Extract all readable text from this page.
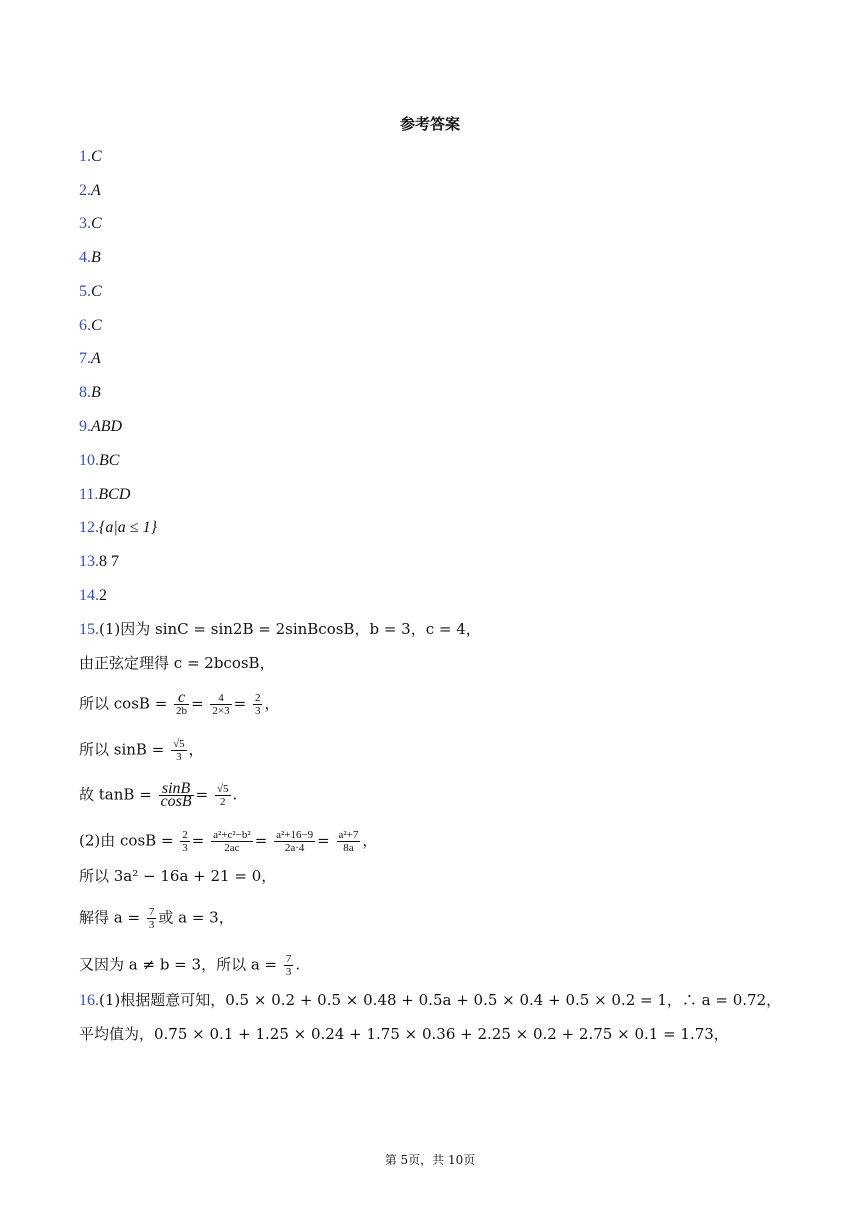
参考答案
1.C
2.A
3.C
4.B
5.C
6.C
7.A
8.B
9.ABD
10.BC
11.BCD
12.{a|a ≤ 1}
13.8 7
14.2
15.(1)因为 sinC = sin2B = 2sinBcosB，b = 3，c = 4，
由正弦定理得 c = 2bcosB，
所以 $\cos B = \frac{c}{2b} = \frac{4}{2\times 3} = \frac{2}{3}$ ，
所以 $\sin B = \frac{√5}{3}$ ，
故 $\tan B = \frac{\sin B}{\cos B} = \frac{√5}{2}$ .
(2)由 $\cos B = \frac{2}{3} = \frac{\text{a²+c²−b²}}{2ac} = \frac{\text{a²+16−9}}{2a\cdot 4} = \frac{\text{a²+7}}{8a}$ ，
所以 3a² − 16a + 21 = 0，
解得 $a = \frac{7}{3}$ 或 a = 3，
又因为 a ≠ b = 3，所以 $a = \frac{7}{3}$ .
16.(1)根据题意可知，0.5 × 0.2 + 0.5 × 0.48 + 0.5a + 0.5 × 0.4 + 0.5 × 0.2 = 1，∴ a = 0.72，
平均值为，0.75 × 0.1 + 1.25 × 0.24 + 1.75 × 0.36 + 2.25 × 0.2 + 2.75 × 0.1 = 1.73，
第 5页，共 10页
